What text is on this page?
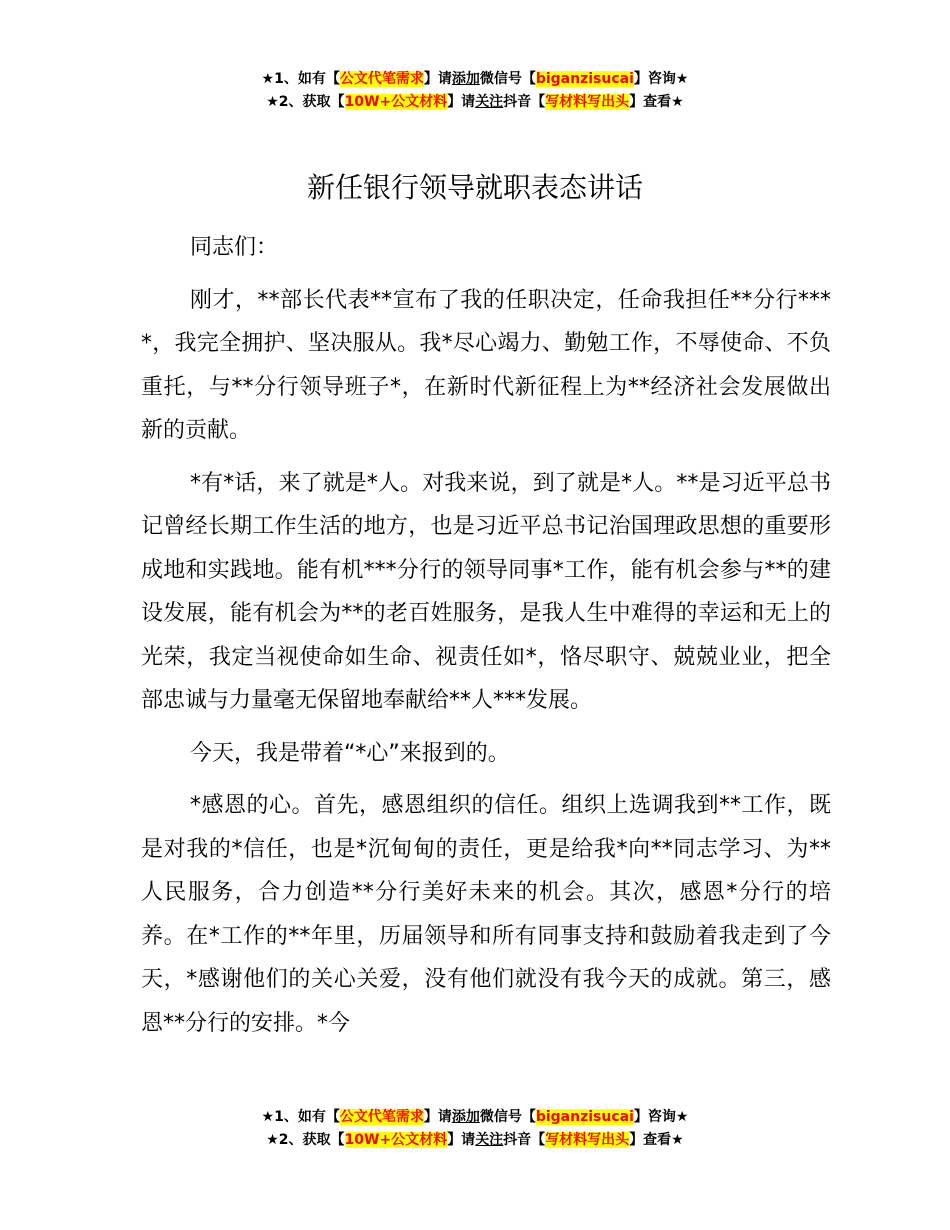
★1、如有【公文代笔需求】请添加微信号【biganzisucai】咨询★
★2、获取【10W+公文材料】请关注抖音【写材料写出头】查看★
新任银行领导就职表态讲话

同志们：

刚才，**部长代表**宣布了我的任职决定，任命我担任**分行****，我完全拥护、坚决服从。我*尽心竭力、勤勉工作，不辱使命、不负重托，与**分行领导班子*，在新时代新征程上为**经济社会发展做出新的贡献。

*有*话，来了就是*人。对我来说，到了就是*人。**是习近平总书记曾经长期工作生活的地方，也是习近平总书记治国理政思想的重要形成地和实践地。能有机***分行的领导同事*工作，能有机会参与**的建设发展，能有机会为**的老百姓服务，是我人生中难得的幸运和无上的光荣，我定当视使命如生命、视责任如*，恪尽职守、兢兢业业，把全部忠诚与力量毫无保留地奉献给**人***发展。

今天，我是带着“*心”来报到的。

*感恩的心。首先，感恩组织的信任。组织上选调我到**工作，既是对我的*信任，也是*沉甸甸的责任，更是给我*向**同志学习、为**人民服务，合力创造**分行美好未来的机会。其次，感恩*分行的培养。在*工作的**年里，历届领导和所有同事支持和鼓励着我走到了今天，*感谢他们的关心关爱，没有他们就没有我今天的成就。第三，感恩**分行的安排。*今

★1、如有【公文代笔需求】请添加微信号【biganzisucai】咨询★
★2、获取【10W+公文材料】请关注抖音【写材料写出头】查看★
